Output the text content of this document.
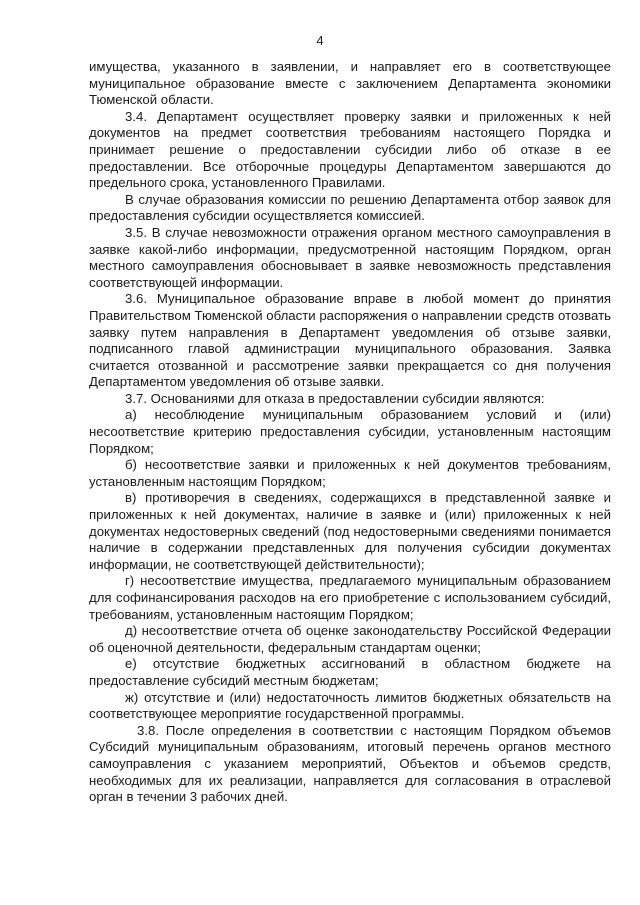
4

имущества, указанного в заявлении, и направляет его в соответствующее муниципальное образование вместе с заключением Департамента экономики Тюменской области.

3.4. Департамент осуществляет проверку заявки и приложенных к ней документов на предмет соответствия требованиям настоящего Порядка и принимает решение о предоставлении субсидии либо об отказе в ее предоставлении. Все отборочные процедуры Департаментом завершаются до предельного срока, установленного Правилами.

В случае образования комиссии по решению Департамента отбор заявок для предоставления субсидии осуществляется комиссией.

3.5. В случае невозможности отражения органом местного самоуправления в заявке какой-либо информации, предусмотренной настоящим Порядком, орган местного самоуправления обосновывает в заявке невозможность представления соответствующей информации.

3.6. Муниципальное образование вправе в любой момент до принятия Правительством Тюменской области распоряжения о направлении средств отозвать заявку путем направления в Департамент уведомления об отзыве заявки, подписанного главой администрации муниципального образования. Заявка считается отозванной и рассмотрение заявки прекращается со дня получения Департаментом уведомления об отзыве заявки.

3.7. Основаниями для отказа в предоставлении субсидии являются:

а) несоблюдение муниципальным образованием условий и (или) несоответствие критерию предоставления субсидии, установленным настоящим Порядком;

б) несоответствие заявки и приложенных к ней документов требованиям, установленным настоящим Порядком;

в) противоречия в сведениях, содержащихся в представленной заявке и приложенных к ней документах, наличие в заявке и (или) приложенных к ней документах недостоверных сведений (под недостоверными сведениями понимается наличие в содержании представленных для получения субсидии документах информации, не соответствующей действительности);

г) несоответствие имущества, предлагаемого муниципальным образованием для софинансирования расходов на его приобретение с использованием субсидий, требованиям, установленным настоящим Порядком;

д) несоответствие отчета об оценке законодательству Российской Федерации об оценочной деятельности, федеральным стандартам оценки;

е) отсутствие бюджетных ассигнований в областном бюджете на предоставление субсидий местным бюджетам;

ж) отсутствие и (или) недостаточность лимитов бюджетных обязательств на соответствующее мероприятие государственной программы.

3.8. После определения в соответствии с настоящим Порядком объемов Субсидий муниципальным образованиям, итоговый перечень органов местного самоуправления с указанием мероприятий, Объектов и объемов средств, необходимых для их реализации, направляется для согласования в отраслевой орган в течении 3 рабочих дней.
